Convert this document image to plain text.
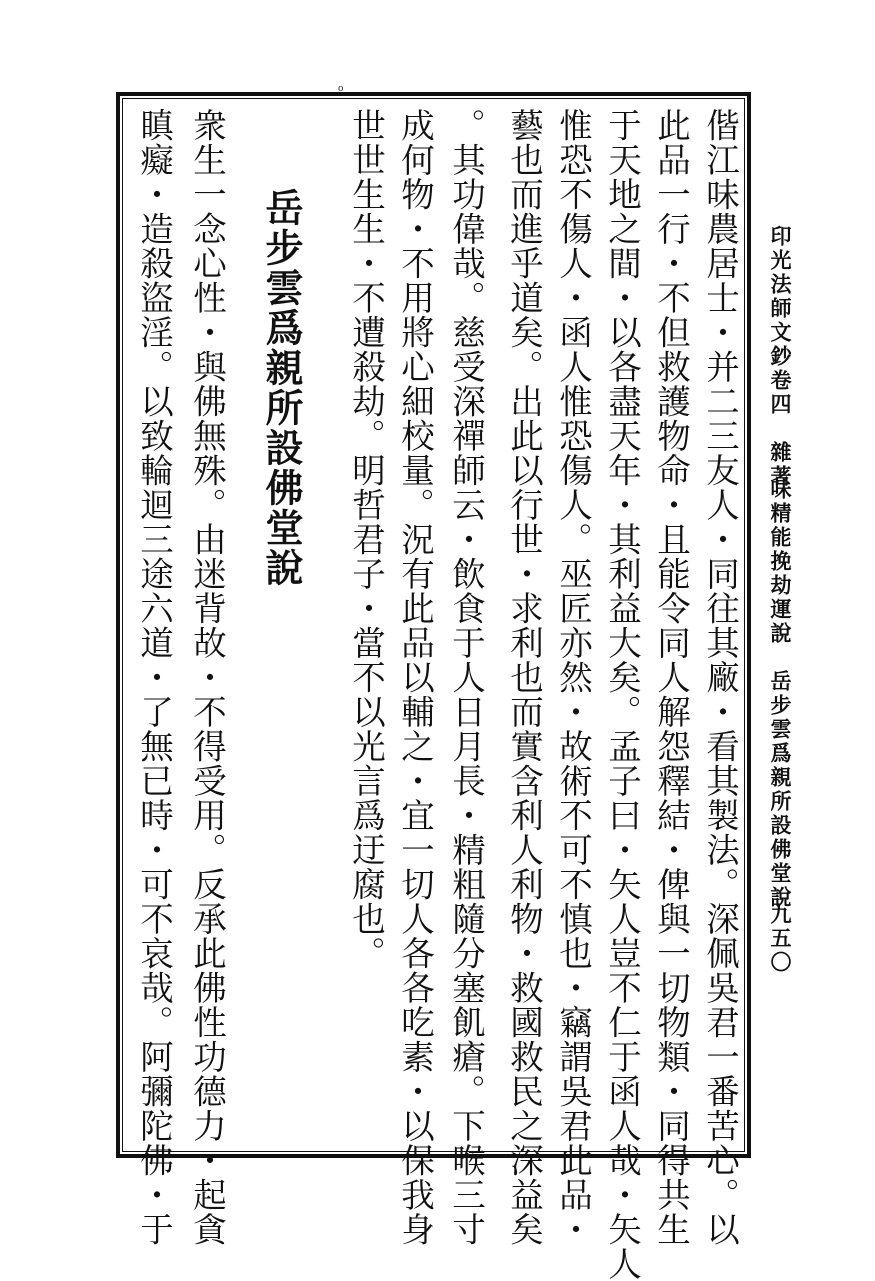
o
印光法師文鈔卷四　雜著
味精能挽劫運說　岳步雲爲親所設佛堂說
九五〇
偕江味農居士・并二三友人・同往其廠・看其製法。深佩吳君一番苦心。以
此品一行・不但救護物命・且能令同人解怨釋結・俾與一切物類・同得共生
于天地之間・以各盡天年・其利益大矣。孟子曰・矢人豈不仁于函人哉・矢人
惟恐不傷人・函人惟恐傷人。巫匠亦然・故術不可不慎也・竊謂吳君此品・
藝也而進乎道矣。出此以行世・求利也而實含利人利物・救國救民之深益矣
。其功偉哉。慈受深禪師云・飲食于人日月長・精粗隨分塞飢瘡。下喉三寸
成何物・不用將心細校量。況有此品以輔之・宜一切人各各吃素・以保我身
世世生生・不遭殺劫。明哲君子・當不以光言爲迂腐也。
岳步雲爲親所設佛堂說
衆生一念心性・與佛無殊。由迷背故・不得受用。反承此佛性功德力・起貪
瞋癡・造殺盜淫。以致輪迴三途六道・了無已時・可不哀哉。阿彌陀佛・于
